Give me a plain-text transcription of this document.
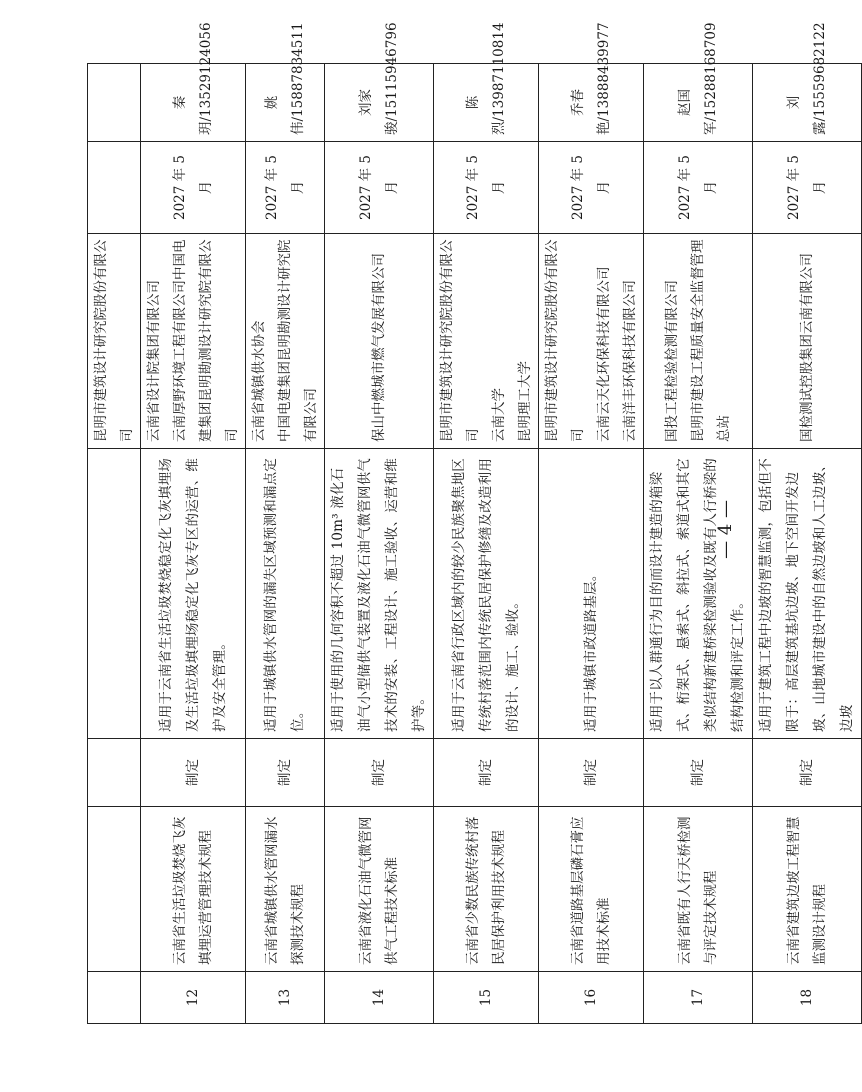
				昆明市建筑设计研究院股份有限公 司		

12	云南省生活垃圾焚烧飞灰填埋运营管理技术规程	制定	适用于云南省生活垃圾焚烧稳定化飞灰填埋场及生活垃圾填埋场稳定化飞灰专区的运营、维护及安全管理。	云南省设计院集团有限公司 云南厚野环境工程有限公司中国电 建集团昆明勘测设计研究院有限公 司	2027 年 5 月	秦玥/13529124056
13	云南省城镇供水管网漏水探测技术规程	制定	适用于城镇供水管网的漏失区域预测和漏点定位。	云南省城镇供水协会 中国电建集团昆明勘测设计研究院 有限公司	2027 年 5 月	姚伟/15887834511
14	云南省液化石油气微管网供气工程技术标准	制定	适用于使用的几何容积不超过 10m³ 液化石油气小型储供气装置及液化石油气微管网供气技术的安装、工程设计、施工验收、运营和维护等。	保山中燃城市燃气发展有限公司	2027 年 5 月	刘家骏/15115946796
15	云南省少数民族传统村落民居保护利用技术规程	制定	适用于云南省行政区域内的较少民族聚焦地区传统村落范围内传统民居保护修缮及改造利用的设计、施工、验收。	昆明市建筑设计研究院股份有限公 司 云南大学 昆明理工大学	2027 年 5 月	陈烈/13987110814
16	云南省道路基层磷石膏应用技术标准	制定	适用于城镇市政道路基层。	昆明市建筑设计研究院股份有限公 司 云南云天化环保科技有限公司 云南洋丰环保科技有限公司	2027 年 5 月	乔春艳/13888439977
17	云南省既有人行天桥检测与评定技术规程	制定	适用于以人群通行为目的而设计建造的箱梁式、桁架式、悬索式、斜拉式、索道式和其它类似结构新建桥梁检测验收及既有人行桥梁的结构检测和评定工作。	国投工程检验检测有限公司 昆明市建设工程质量安全监督管理 总站	2027 年 5 月	赵国军/15288168709
18	云南省建筑边坡工程智慧监测设计规程	制定	适用于建筑工程中边坡的智慧监测，包括但不限于：高层建筑基坑边坡、地下空间开发边坡、山地城市建设中的自然边坡和人工边坡、边坡	国检测试控股集团云南有限公司	2027 年 5 月	刘露/15559682122
— 4 —
